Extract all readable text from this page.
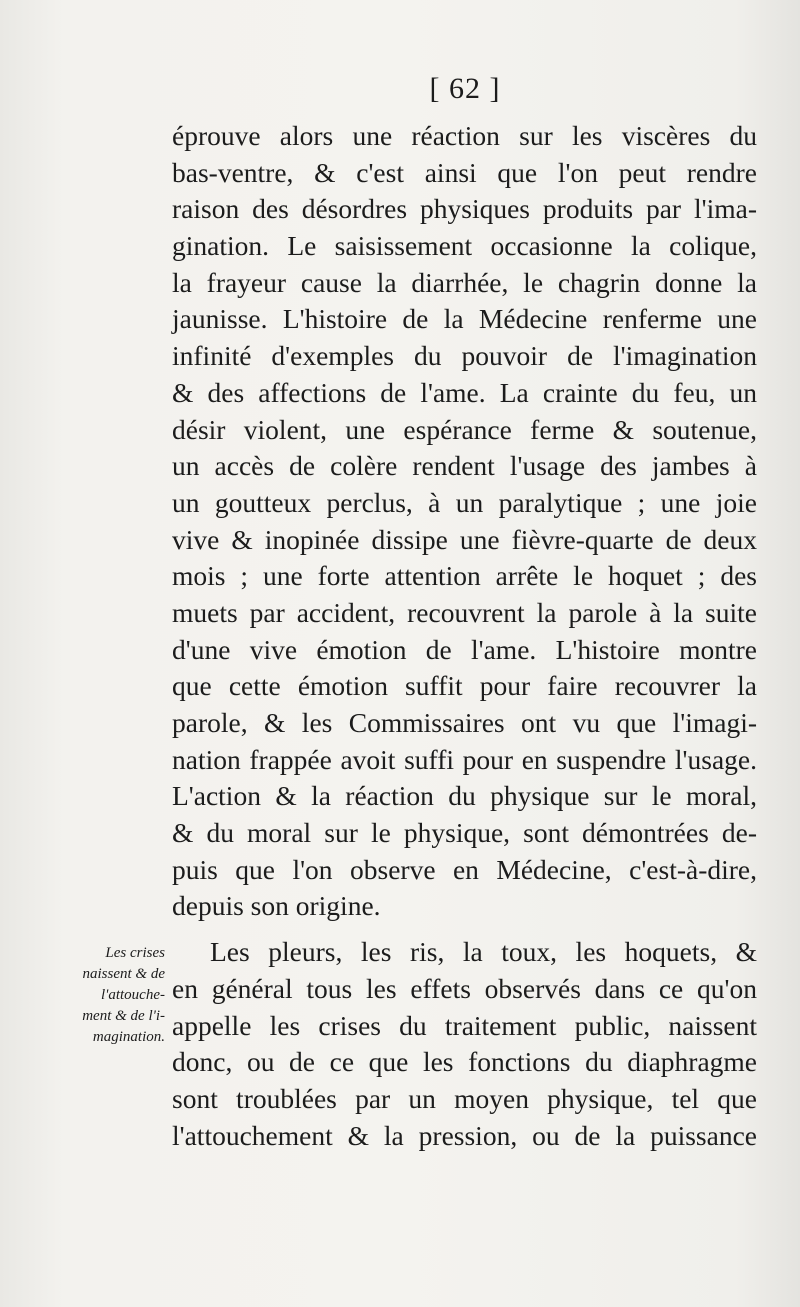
[ 62 ]
éprouve alors une réaction sur les viscères du
bas-ventre, & c'est ainsi que l'on peut rendre
raison des désordres physiques produits par l'ima-
gination. Le saisissement occasionne la colique,
la frayeur cause la diarrhée, le chagrin donne la
jaunisse. L'histoire de la Médecine renferme une
infinité d'exemples du pouvoir de l'imagination
& des affections de l'ame. La crainte du feu, un
désir violent, une espérance ferme & soutenue,
un accès de colère rendent l'usage des jambes à
un goutteux perclus, à un paralytique ; une joie
vive & inopinée dissipe une fièvre-quarte de deux
mois ; une forte attention arrête le hoquet ; des
muets par accident, recouvrent la parole à la suite
d'une vive émotion de l'ame. L'histoire montre
que cette émotion suffit pour faire recouvrer la
parole, & les Commissaires ont vu que l'imagi-
nation frappée avoit suffi pour en suspendre l'usage.
L'action & la réaction du physique sur le moral,
& du moral sur le physique, sont démontrées de-
puis que l'on observe en Médecine, c'est-à-dire,
depuis son origine.
Les pleurs, les ris, la toux, les hoquets, &
en général tous les effets observés dans ce qu'on
appelle les crises du traitement public, naissent
donc, ou de ce que les fonctions du diaphragme
sont troublées par un moyen physique, tel que
l'attouchement & la pression, ou de la puissance
Les crises
naissent & de
l'attouche-
ment & de l'i-
magination.
